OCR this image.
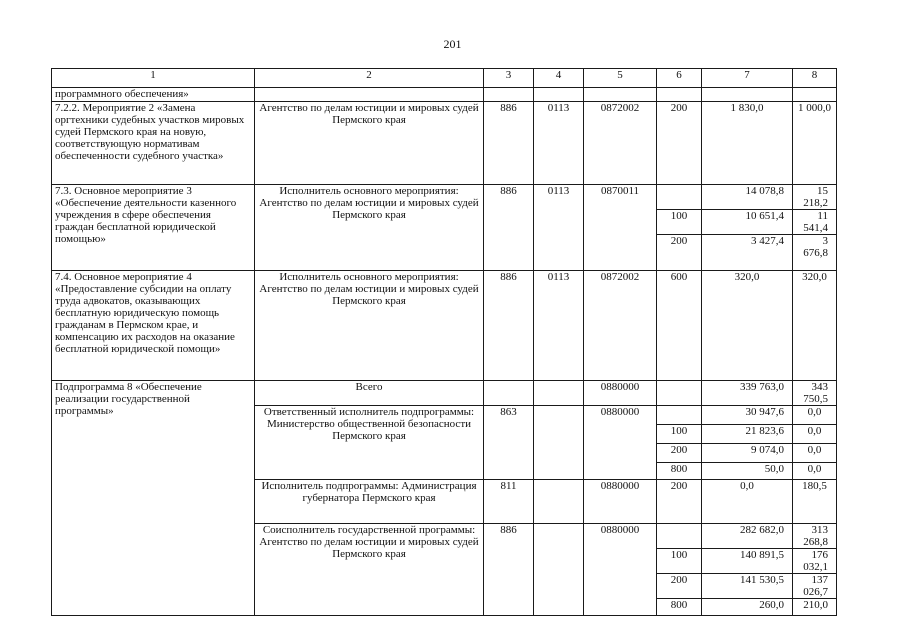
201
1	2	3	4	5	6	7	8
программного обеспечения»							
7.2.2. Мероприятие 2 «Замена оргтехники судебных участков мировых судей Пермского края на новую, соответствующую нормативам обеспеченности судебного участка»	Агентство по делам юстиции и мировых судей Пермского края	886	0113	0872002	200	1 830,0	1 000,0
7.3. Основное мероприятие 3 «Обеспечение деятельности казенного учреждения в сфере обеспечения граждан бесплатной юридической помощью»	Исполнитель основного мероприятия: Агентство по делам юстиции и мировых судей Пермского края	886	0113	0870011		14 078,8	15 218,2
					100	10 651,4	11 541,4
					200	3 427,4	3 676,8
7.4. Основное мероприятие 4 «Предоставление субсидии на оплату труда адвокатов, оказывающих бесплатную юридическую помощь гражданам в Пермском крае, и компенсацию их расходов на оказание бесплатной юридической помощи»	Исполнитель основного мероприятия: Агентство по делам юстиции и мировых судей Пермского края	886	0113	0872002	600	320,0	320,0
Подпрограмма 8 «Обеспечение реализации государственной программы»	Всего			0880000		339 763,0	343 750,5
	Ответственный исполнитель подпрограммы: Министерство общественной безопасности Пермского края	863		0880000		30 947,6	0,0
					100	21 823,6	0,0
					200	9 074,0	0,0
					800	50,0	0,0
	Исполнитель подпрограммы: Администрация губернатора Пермского края	811		0880000	200	0,0	180,5
	Соисполнитель государственной программы: Агентство по делам юстиции и мировых судей Пермского края	886		0880000		282 682,0	313 268,8
					100	140 891,5	176 032,1
					200	141 530,5	137 026,7
					800	260,0	210,0
